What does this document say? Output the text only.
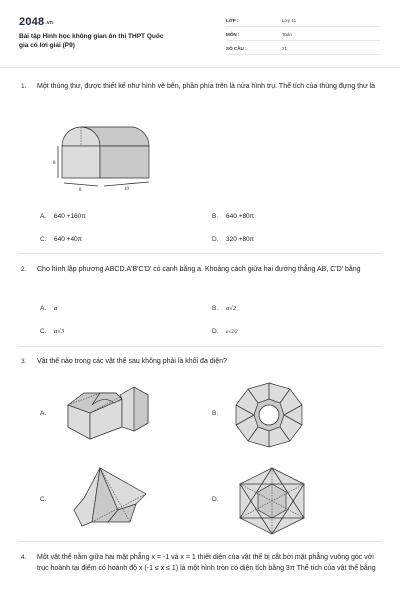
2048.vn
Bài tập Hình học không gian ôn thi THPT Quốc gia có lời giải (P9)
LỚP :	Lớp 11
MÔN :	Toán
SỐ CÂU :	21
1. Một thùng thư, được thiết kế như hình vẽ bên, phần phía trên là nửa hình trụ. Thể tích của thùng đựng thư là
8
8	10
A. 640 +160π	B. 640 +80π
C. 640 +40π	D. 320 +80π
2. Cho hình lập phương ABCD.A'B'C'D' có cạnh bằng a. Khoảng cách giữa hai đường thẳng AB, C'D' bằng
A. a	B. a√2
C. a√3	D. a√2/2
3. Vật thể nào trong các vật thể sau không phải là khối đa diện?
A.	B.
C.	D.
4. Một vật thể nằm giữa hai mặt phẳng x = -1 và x = 1 thiết diện của vật thể bị cắt bởi mặt phẳng vuông góc với trục hoành tại điểm có hoành độ x (-1 ≤ x ≤ 1) là một hình tròn có diện tích bằng 3π Thể tích của vật thể bằng
